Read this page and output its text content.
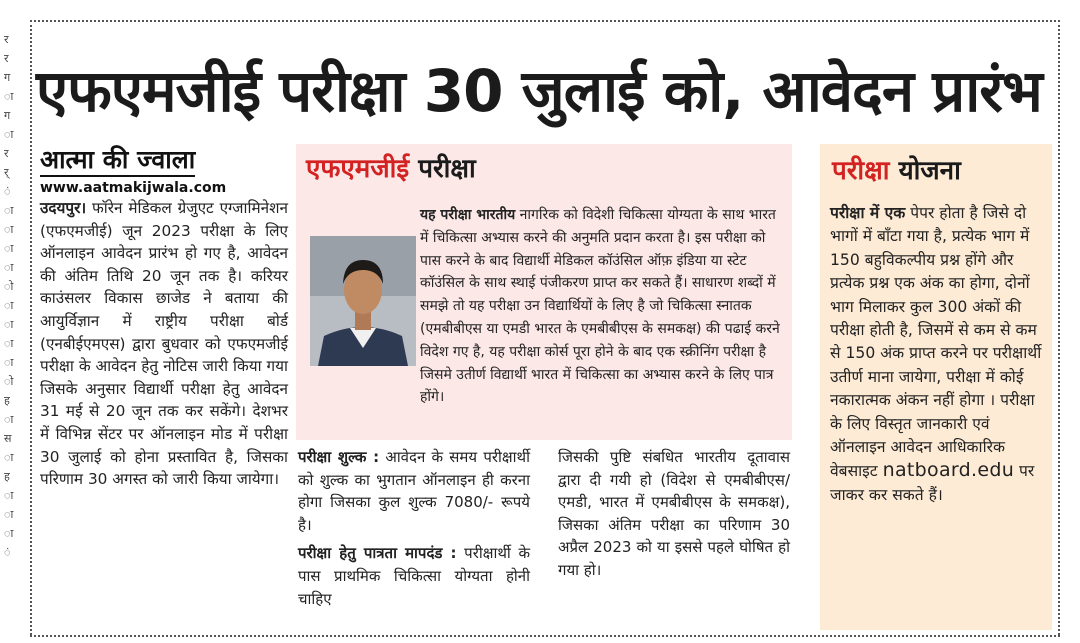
र
र
ग
ा
ग
ा
र
र्
ं
ा
ा
ा
ा
ो
ा
ा
ा
ा
ो
ह
ा
स
ा
ह
ा
ा
ा
ं
एफएमजीई परीक्षा 30 जुलाई को, आवेदन प्रारंभ
आत्मा की ज्वाला
www.aatmakijwala.com
उदयपुर। फॉरेन मेडिकल ग्रेजुएट एग्जामिनेशन (एफएमजीई) जून 2023 परीक्षा के लिए ऑनलाइन आवेदन प्रारंभ हो गए है, आवेदन की अंतिम तिथि 20 जून तक है। करियर काउंसलर विकास छाजेड ने बताया की आयुर्विज्ञान में राष्ट्रीय परीक्षा बोर्ड (एनबीईएमएस) द्वारा बुधवार को एफएमजीई परीक्षा के आवेदन हेतु नोटिस जारी किया गया जिसके अनुसार विद्यार्थी परीक्षा हेतु आवेदन 31 मई से 20 जून तक कर सकेंगे। देशभर में विभिन्न सेंटर पर ऑनलाइन मोड में परीक्षा 30 जुलाई को होना प्रस्तावित है, जिसका परिणाम 30 अगस्त को जारी किया जायेगा।
एफएमजीई परीक्षा
यह परीक्षा भारतीय नागरिक को विदेशी चिकित्सा योग्यता के साथ भारत में चिकित्सा अभ्यास करने की अनुमति प्रदान करता है। इस परीक्षा को पास करने के बाद विद्यार्थी मेडिकल कॉउंसिल ऑफ़ इंडिया या स्टेट कॉउंसिल के साथ स्थाई पंजीकरण प्राप्त कर सकते हैं। साधारण शब्दों में समझे तो यह परीक्षा उन विद्यार्थियों के लिए है जो चिकित्सा स्नातक (एमबीबीएस या एमडी भारत के एमबीबीएस के समकक्ष) की पढाई करने विदेश गए है, यह परीक्षा कोर्स पूरा होने के बाद एक स्क्रीनिंग परीक्षा है जिसमे उतीर्ण विद्यार्थी भारत में चिकित्सा का अभ्यास करने के लिए पात्र होंगे।
परीक्षा शुल्क : आवेदन के समय परीक्षार्थी को शुल्क का भुगतान ऑनलाइन ही करना होगा जिसका कुल शुल्क 7080/- रूपये है।
परीक्षा हेतु पात्रता मापदंड : परीक्षार्थी के पास प्राथमिक चिकित्सा योग्यता होनी चाहिए
जिसकी पुष्टि संबधित भारतीय दूतावास द्वारा दी गयी हो (विदेश से एमबीबीएस/एमडी, भारत में एमबीबीएस के समकक्ष), जिसका अंतिम परीक्षा का परिणाम 30 अप्रैल 2023 को या इससे पहले घोषित हो गया हो।
परीक्षा योजना
परीक्षा में एक पेपर होता है जिसे दो भागों में बाँटा गया है, प्रत्येक भाग में 150 बहुविकल्पीय प्रश्न होंगे और प्रत्येक प्रश्न एक अंक का होगा, दोनों भाग मिलाकर कुल 300 अंकों की परीक्षा होती है, जिसमें से कम से कम से 150 अंक प्राप्त करने पर परीक्षार्थी उतीर्ण माना जायेगा, परीक्षा में कोई नकारात्मक अंकन नहीं होगा । परीक्षा के लिए विस्तृत जानकारी एवं ऑनलाइन आवेदन आधिकारिक वेबसाइट natboard.edu पर जाकर कर सकते हैं।
